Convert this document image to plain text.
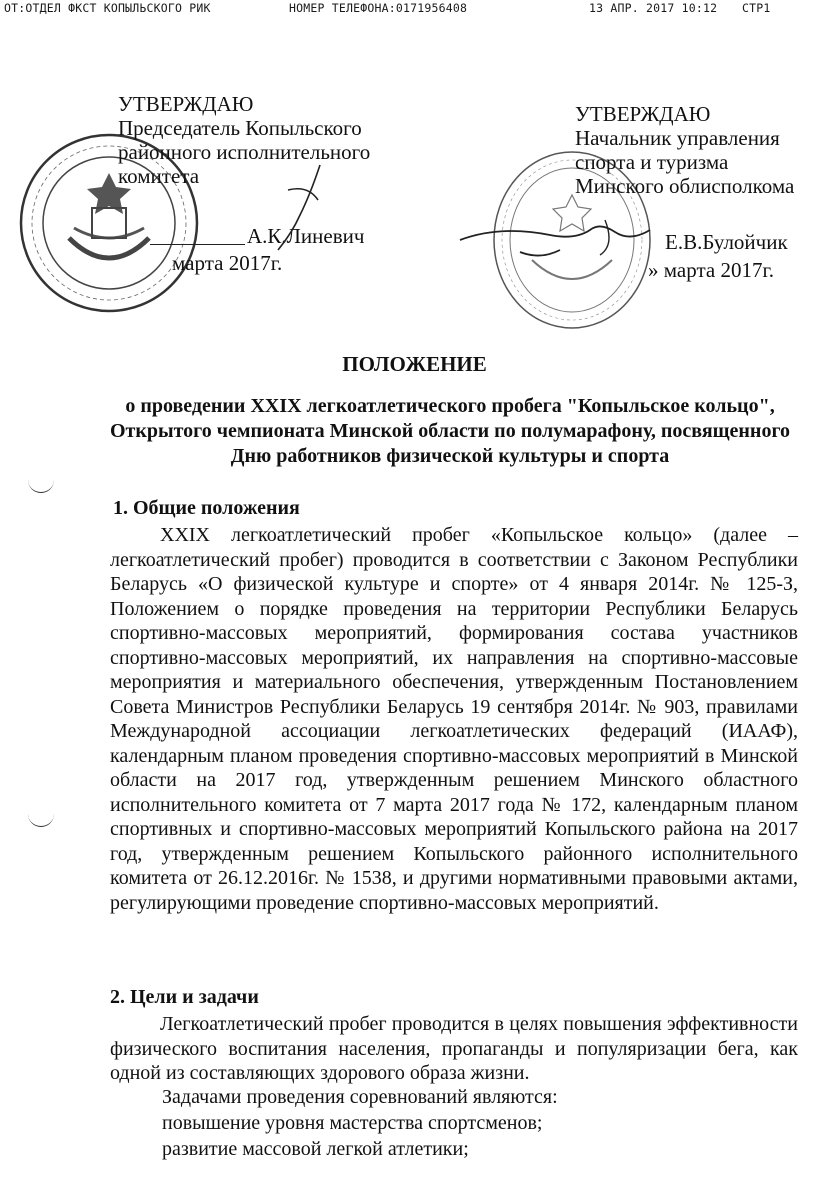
OT:ОТДЕЛ ФКСТ КОПЫЛЬСКОГО РИК

	НОМЕР ТЕЛЕФОНА:0171956408

	13 АПР. 2017 10:12

СТР1

УТВЕРЖДАЮ
Председатель Копыльского
районного исполнительного
комитета
А.К.Линевич
марта 2017г.
УТВЕРЖДАЮ
Начальник управления
спорта и туризма
Минского облисполкома
Е.В.Булойчик
» марта 2017г.
ПОЛОЖЕНИЕ
о проведении XXIX легкоатлетического пробега "Копыльское кольцо", Открытого чемпионата Минской области по полумарафону, посвященного Дню работников физической культуры и спорта
1. Общие положения
XXIX легкоатлетический пробег «Копыльское кольцо» (далее – легкоатлетический пробег) проводится в соответствии с Законом Республики Беларусь «О физической культуре и спорте» от 4 января 2014г. № 125-З, Положением о порядке проведения на территории Республики Беларусь спортивно-массовых мероприятий, формирования состава участников спортивно-массовых мероприятий, их направления на спортивно-массовые мероприятия и материального обеспечения, утвержденным Постановлением Совета Министров Республики Беларусь 19 сентября 2014г. № 903, правилами Международной ассоциации легкоатлетических федераций (ИААФ), календарным планом проведения спортивно-массовых мероприятий в Минской области на 2017 год, утвержденным решением Минского областного исполнительного комитета от 7 марта 2017 года № 172, календарным планом спортивных и спортивно-массовых мероприятий Копыльского района на 2017 год, утвержденным решением Копыльского районного исполнительного комитета от 26.12.2016г. № 1538, и другими нормативными правовыми актами, регулирующими проведение спортивно-массовых мероприятий.
2. Цели и задачи
Легкоатлетический пробег проводится в целях повышения эффективности физического воспитания населения, пропаганды и популяризации бега, как одной из составляющих здорового образа жизни.
Задачами проведения соревнований являются:
повышение уровня мастерства спортсменов;
развитие массовой легкой атлетики;
